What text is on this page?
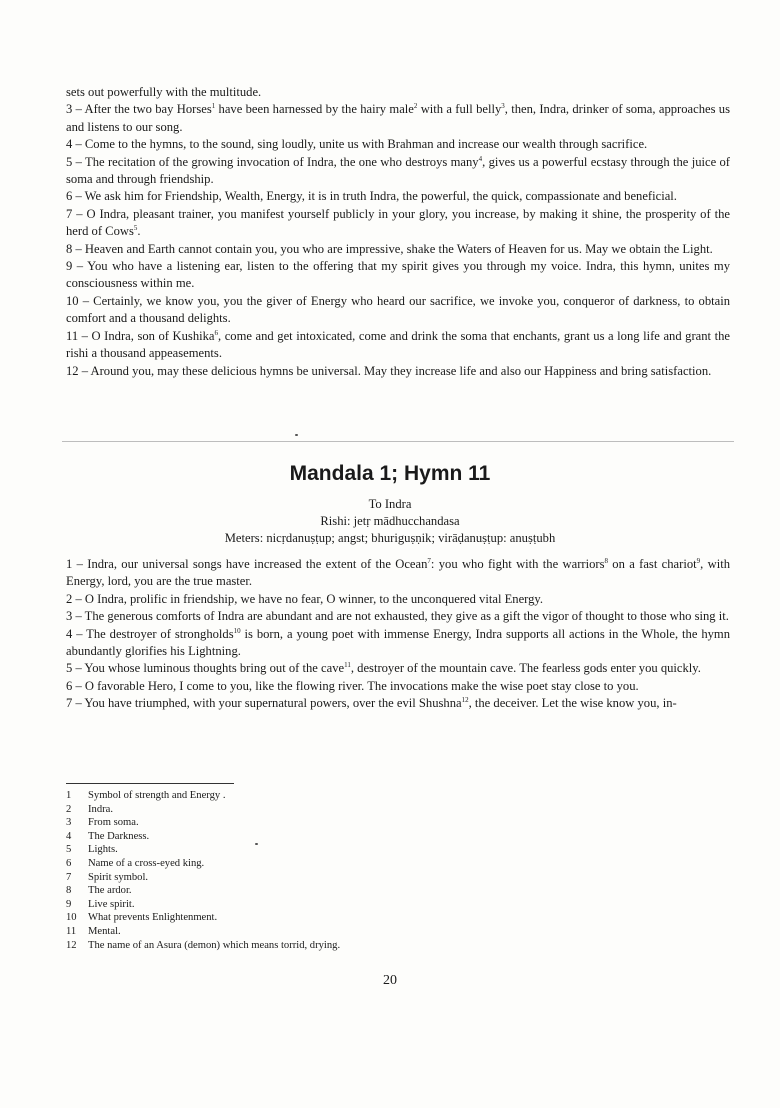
sets out powerfully with the multitude.

3 – After the two bay Horses$^1$ have been harnessed by the hairy male$^2$ with a full belly$^3$, then, Indra, drinker of soma, approaches us and listens to our song.

4 – Come to the hymns, to the sound, sing loudly, unite us with Brahman and increase our wealth through sacrifice.

5 – The recitation of the growing invocation of Indra, the one who destroys many$^4$, gives us a powerful ecstasy through the juice of soma and through friendship.

6 – We ask him for Friendship, Wealth, Energy, it is in truth Indra, the powerful, the quick, compassionate and beneficial.

7 – O Indra, pleasant trainer, you manifest yourself publicly in your glory, you increase, by making it shine, the prosperity of the herd of Cows$^5$.

8 – Heaven and Earth cannot contain you, you who are impressive, shake the Waters of Heaven for us. May we obtain the Light.

9 – You who have a listening ear, listen to the offering that my spirit gives you through my voice. Indra, this hymn, unites my consciousness within me.

10 – Certainly, we know you, you the giver of Energy who heard our sacrifice, we invoke you, conqueror of darkness, to obtain comfort and a thousand delights.

11 – O Indra, son of Kushika$^6$, come and get intoxicated, come and drink the soma that enchants, grant us a long life and grant the rishi a thousand appeasements.

12 – Around you, may these delicious hymns be universal. May they increase life and also our Happiness and bring satisfaction.

Mandala 1; Hymn 11
To Indra
Rishi: jetṛ mādhucchandasa
Meters: nicṛdanuṣṭup; angst; bhuriguṣṇik; virāḍanuṣṭup: anuṣṭubh

1 – Indra, our universal songs have increased the extent of the Ocean$^7$: you who fight with the warriors$^8$ on a fast chariot$^9$, with Energy, lord, you are the true master.

2 – O Indra, prolific in friendship, we have no fear, O winner, to the unconquered vital Energy.

3 – The generous comforts of Indra are abundant and are not exhausted, they give as a gift the vigor of thought to those who sing it.

4 – The destroyer of strongholds$^{10}$ is born, a young poet with immense Energy, Indra supports all actions in the Whole, the hymn abundantly glorifies his Lightning.

5 – You whose luminous thoughts bring out of the cave$^{11}$, destroyer of the mountain cave. The fearless gods enter you quickly.

6 – O favorable Hero, I come to you, like the flowing river. The invocations make the wise poet stay close to you.

7 – You have triumphed, with your supernatural powers, over the evil Shushna$^{12}$, the deceiver. Let the wise know you, in-

1	Symbol of strength and Energy .
2	Indra.
3	From soma.
4	The Darkness.
5	Lights.
6	Name of a cross-eyed king.
7	Spirit symbol.
8	The ardor.
9	Live spirit.
10	What prevents Enlightenment.
11	Mental.
12	The name of an Asura (demon) which means torrid, drying.
20
